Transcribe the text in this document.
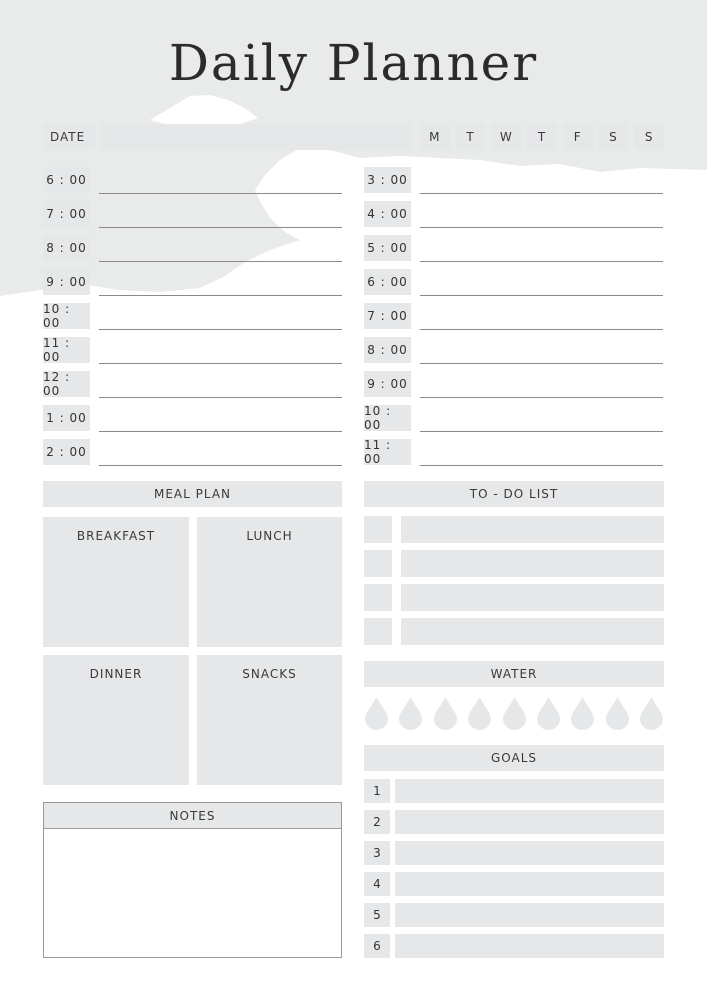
Daily Planner
DATE	M	T	W	T	F	S	S
6 : 00
7 : 00
8 : 00
9 : 00
10 : 00
11 : 00
12 : 00
1 : 00
2 : 00
3 : 00
4 : 00
5 : 00
6 : 00
7 : 00
8 : 00
9 : 00
10 : 00
11 : 00
MEAL PLAN
BREAKFAST	LUNCH
DINNER	SNACKS
NOTES
TO - DO LIST
WATER
GOALS
1
2
3
4
5
6
